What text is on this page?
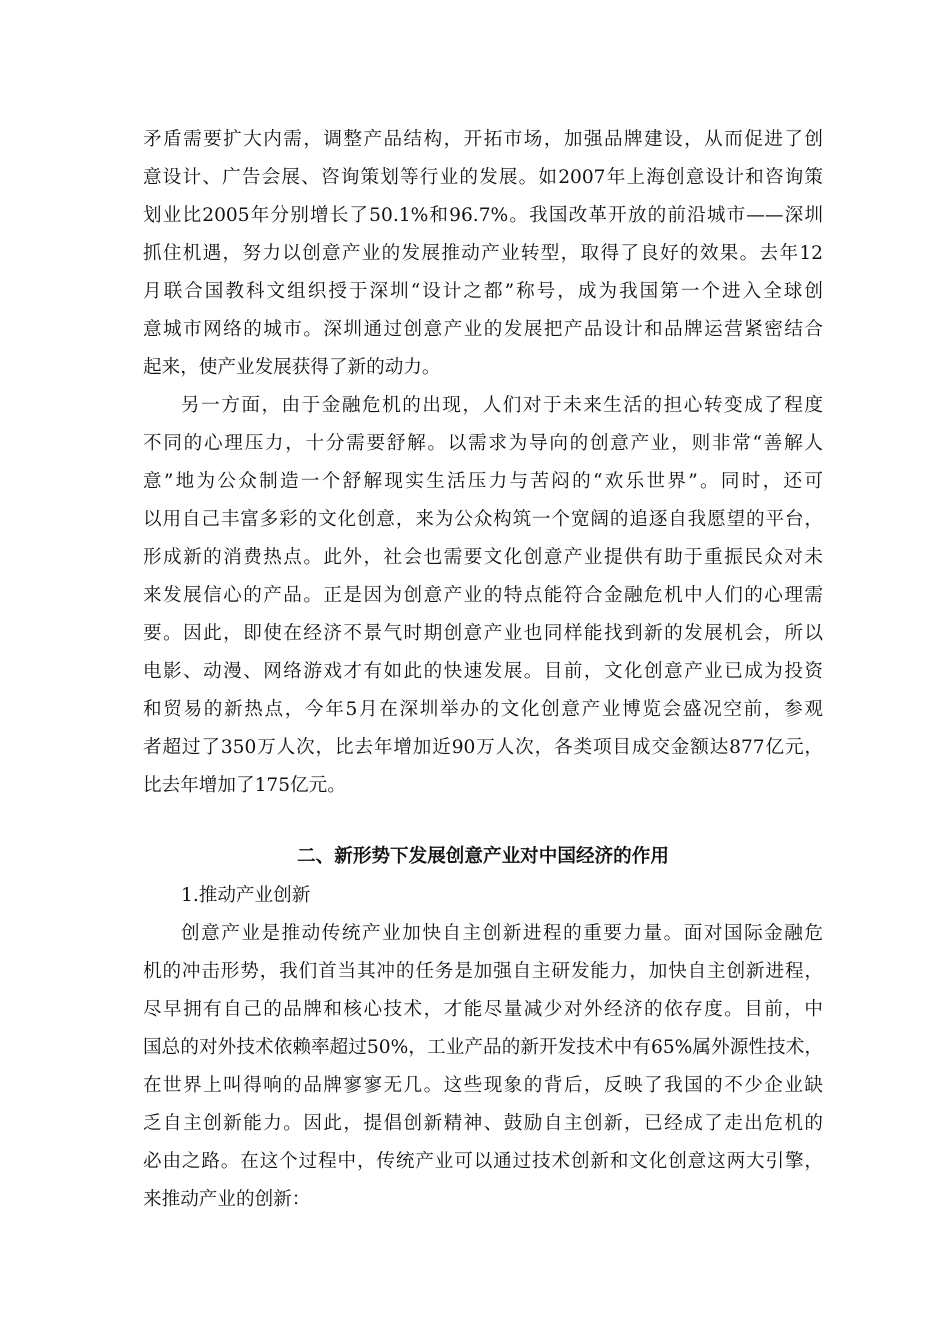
矛盾需要扩大内需，调整产品结构，开拓市场，加强品牌建设，从而促进了创
意设计、广告会展、咨询策划等行业的发展。如2007年上海创意设计和咨询策
划业比2005年分别增长了50.1%和96.7%。我国改革开放的前沿城市——深圳
抓住机遇，努力以创意产业的发展推动产业转型，取得了良好的效果。去年12
月联合国教科文组织授于深圳“设计之都”称号，成为我国第一个进入全球创
意城市网络的城市。深圳通过创意产业的发展把产品设计和品牌运营紧密结合
起来，使产业发展获得了新的动力。
另一方面，由于金融危机的出现，人们对于未来生活的担心转变成了程度
不同的心理压力，十分需要舒解。以需求为导向的创意产业，则非常“善解人
意”地为公众制造一个舒解现实生活压力与苦闷的“欢乐世界”。同时，还可
以用自己丰富多彩的文化创意，来为公众构筑一个宽阔的追逐自我愿望的平台，
形成新的消费热点。此外，社会也需要文化创意产业提供有助于重振民众对未
来发展信心的产品。正是因为创意产业的特点能符合金融危机中人们的心理需
要。因此，即使在经济不景气时期创意产业也同样能找到新的发展机会，所以
电影、动漫、网络游戏才有如此的快速发展。目前，文化创意产业已成为投资
和贸易的新热点，今年5月在深圳举办的文化创意产业博览会盛况空前，参观
者超过了350万人次，比去年增加近90万人次，各类项目成交金额达877亿元，
比去年增加了175亿元。
二、新形势下发展创意产业对中国经济的作用
1.推动产业创新
创意产业是推动传统产业加快自主创新进程的重要力量。面对国际金融危
机的冲击形势，我们首当其冲的任务是加强自主研发能力，加快自主创新进程，
尽早拥有自己的品牌和核心技术，才能尽量减少对外经济的依存度。目前，中
国总的对外技术依赖率超过50%，工业产品的新开发技术中有65%属外源性技术，
在世界上叫得响的品牌寥寥无几。这些现象的背后，反映了我国的不少企业缺
乏自主创新能力。因此，提倡创新精神、鼓励自主创新，已经成了走出危机的
必由之路。在这个过程中，传统产业可以通过技术创新和文化创意这两大引擎，
来推动产业的创新：
